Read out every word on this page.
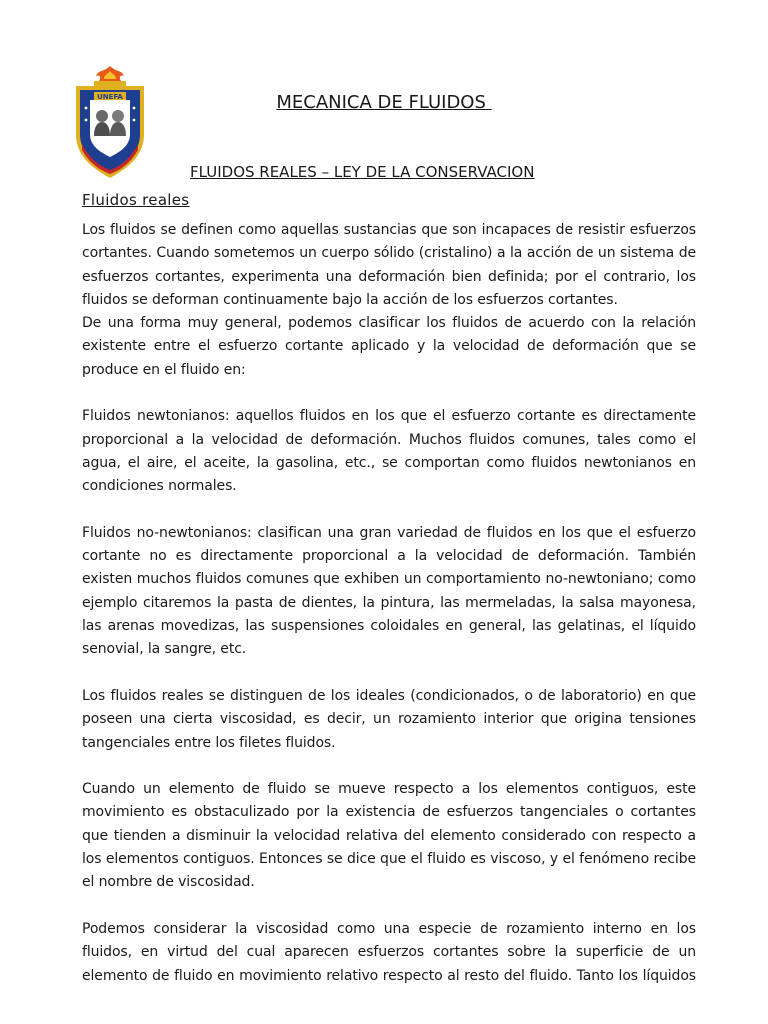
UNEFA	MECANICA DE FLUIDOS
FLUIDOS REALES – LEY DE LA CONSERVACION
Fluidos reales

Los fluidos se definen como aquellas sustancias que son incapaces de resistir esfuerzos cortantes. Cuando sometemos un cuerpo sólido (cristalino) a la acción de un sistema de esfuerzos cortantes, experimenta una deformación bien definida; por el contrario, los fluidos se deforman continuamente bajo la acción de los esfuerzos cortantes.

De una forma muy general, podemos clasificar los fluidos de acuerdo con la relación existente entre el esfuerzo cortante aplicado y la velocidad de deformación que se produce en el fluido en:

Fluidos newtonianos: aquellos fluidos en los que el esfuerzo cortante es directamente proporcional a la velocidad de deformación. Muchos fluidos comunes, tales como el agua, el aire, el aceite, la gasolina, etc., se comportan como fluidos newtonianos en condiciones normales.

Fluidos no-newtonianos: clasifican una gran variedad de fluidos en los que el esfuerzo cortante no es directamente proporcional a la velocidad de deformación. También existen muchos fluidos comunes que exhiben un comportamiento no-newtoniano; como ejemplo citaremos la pasta de dientes, la pintura, las mermeladas, la salsa mayonesa, las arenas movedizas, las suspensiones coloidales en general, las gelatinas, el líquido senovial, la sangre, etc.

Los fluidos reales se distinguen de los ideales (condicionados, o de laboratorio) en que poseen una cierta viscosidad, es decir, un rozamiento interior que origina tensiones tangenciales entre los filetes fluidos.

Cuando un elemento de fluido se mueve respecto a los elementos contiguos, este movimiento es obstaculizado por la existencia de esfuerzos tangenciales o cortantes que tienden a disminuir la velocidad relativa del elemento considerado con respecto a los elementos contiguos. Entonces se dice que el fluido es viscoso, y el fenómeno recibe el nombre de viscosidad.

Podemos considerar la viscosidad como una especie de rozamiento interno en los fluidos, en virtud del cual aparecen esfuerzos cortantes sobre la superficie de un elemento de fluido en movimiento relativo respecto al resto del fluido. Tanto los líquidos
